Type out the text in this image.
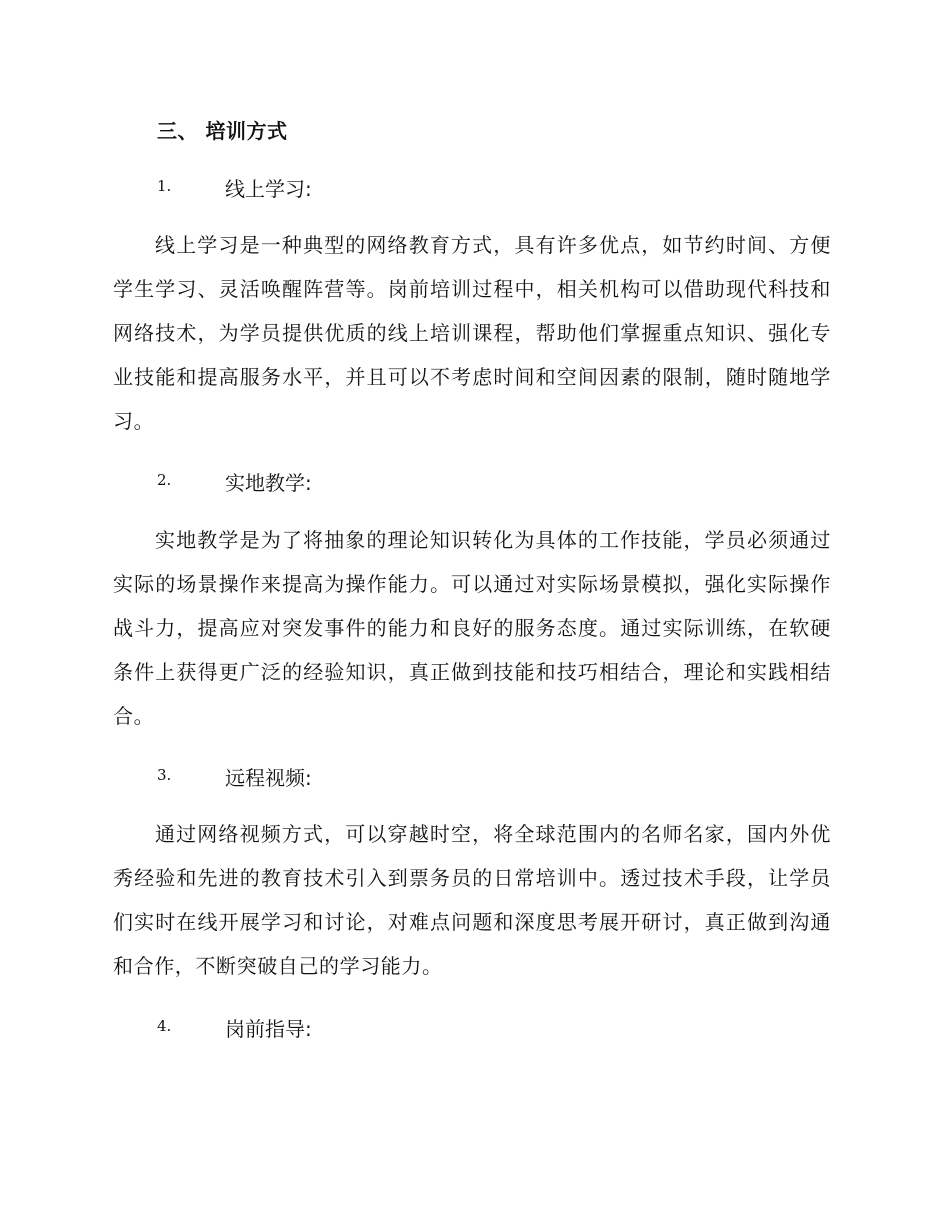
三、 培训方式
1.	线上学习:

线上学习是一种典型的网络教育方式，具有许多优点，如节约时间、方便学生学习、灵活唤醒阵营等。岗前培训过程中，相关机构可以借助现代科技和网络技术，为学员提供优质的线上培训课程，帮助他们掌握重点知识、强化专业技能和提高服务水平，并且可以不考虑时间和空间因素的限制，随时随地学习。

2.	实地教学:

实地教学是为了将抽象的理论知识转化为具体的工作技能，学员必须通过实际的场景操作来提高为操作能力。可以通过对实际场景模拟，强化实际操作战斗力，提高应对突发事件的能力和良好的服务态度。通过实际训练，在软硬条件上获得更广泛的经验知识，真正做到技能和技巧相结合，理论和实践相结合。

3.	远程视频:

通过网络视频方式，可以穿越时空，将全球范围内的名师名家，国内外优秀经验和先进的教育技术引入到票务员的日常培训中。透过技术手段，让学员们实时在线开展学习和讨论，对难点问题和深度思考展开研讨，真正做到沟通和合作，不断突破自己的学习能力。

4.	岗前指导:
